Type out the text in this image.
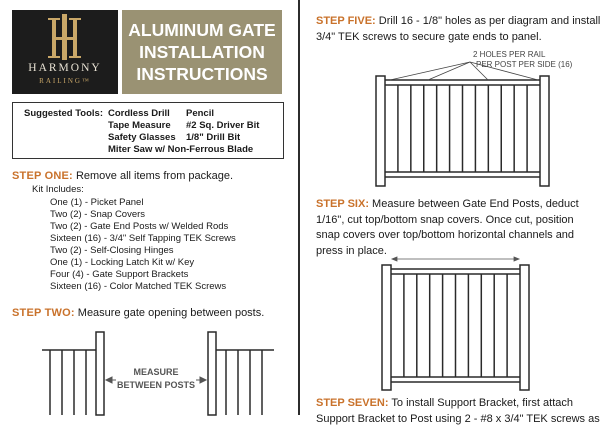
HARMONY
RAILING™
ALUMINUM GATE
INSTALLATION
INSTRUCTIONS
Suggested Tools: Cordless Drill Pencil
Tape Measure #2 Sq. Driver Bit
Safety Glasses 1/8" Drill Bit
Miter Saw w/ Non-Ferrous Blade
STEP ONE: Remove all items from package.
Kit Includes:
One (1) - Picket Panel
Two (2) - Snap Covers
Two (2) - Gate End Posts w/ Welded Rods
Sixteen (16) - 3/4" Self Tapping TEK Screws
Two (2) - Self-Closing Hinges
One (1) - Locking Latch Kit w/ Key
Four (4) - Gate Support Brackets
Sixteen (16) - Color Matched TEK Screws
STEP TWO: Measure gate opening between posts.
MEASURE
BETWEEN POSTS
STEP FIVE: Drill 16 - 1/8" holes as per diagram and install
3/4" TEK screws to secure gate ends to panel.
2 HOLES PER RAIL
PER POST PER SIDE (16)
STEP SIX: Measure between Gate End Posts, deduct
1/16", cut top/bottom snap covers. Once cut, position
snap covers over top/bottom horizontal channels and
press in place.
STEP SEVEN: To install Support Bracket, first attach
Support Bracket to Post using 2 - #8 x 3/4" TEK screws as
